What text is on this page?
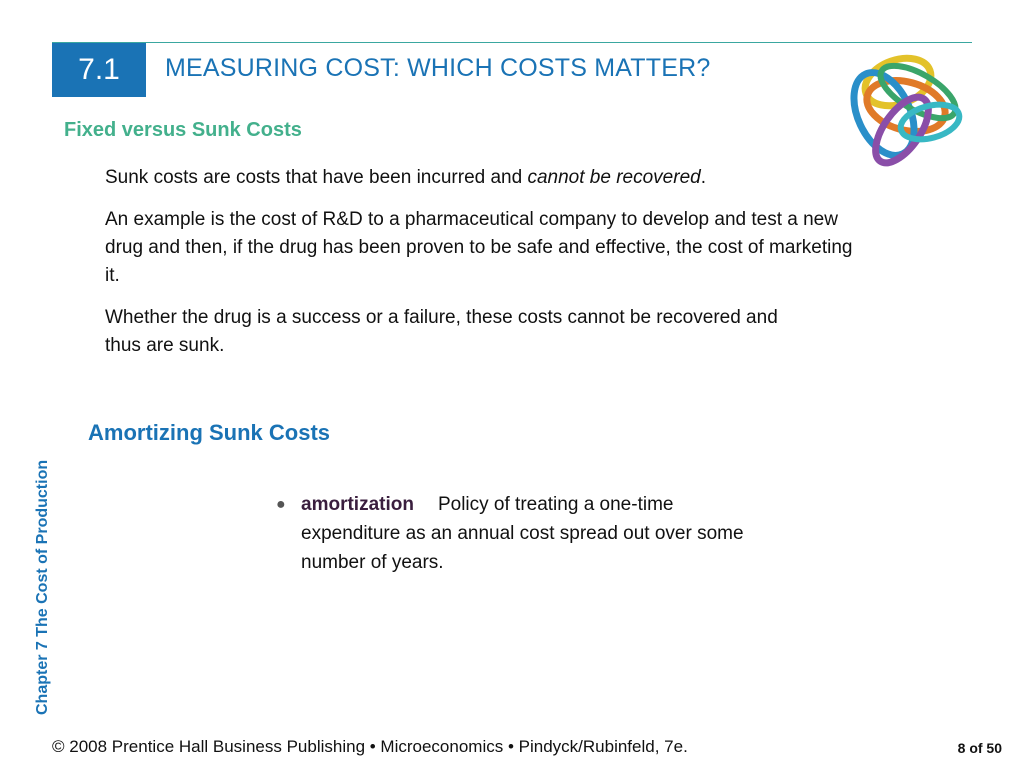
7.1	MEASURING COST: WHICH COSTS MATTER?
Chapter 7 The Cost of Production
Fixed versus Sunk Costs
Sunk costs are costs that have been incurred and cannot be recovered.
An example is the cost of R&D to a pharmaceutical company to develop and test a new drug and then, if the drug has been proven to be safe and effective, the cost of marketing it.
Whether the drug is a success or a failure, these costs cannot be recovered and thus are sunk.
Amortizing Sunk Costs
● amortization Policy of treating a one-time expenditure as an annual cost spread out over some number of years.
© 2008 Prentice Hall Business Publishing • Microeconomics • Pindyck/Rubinfeld, 7e.	8 of 50
